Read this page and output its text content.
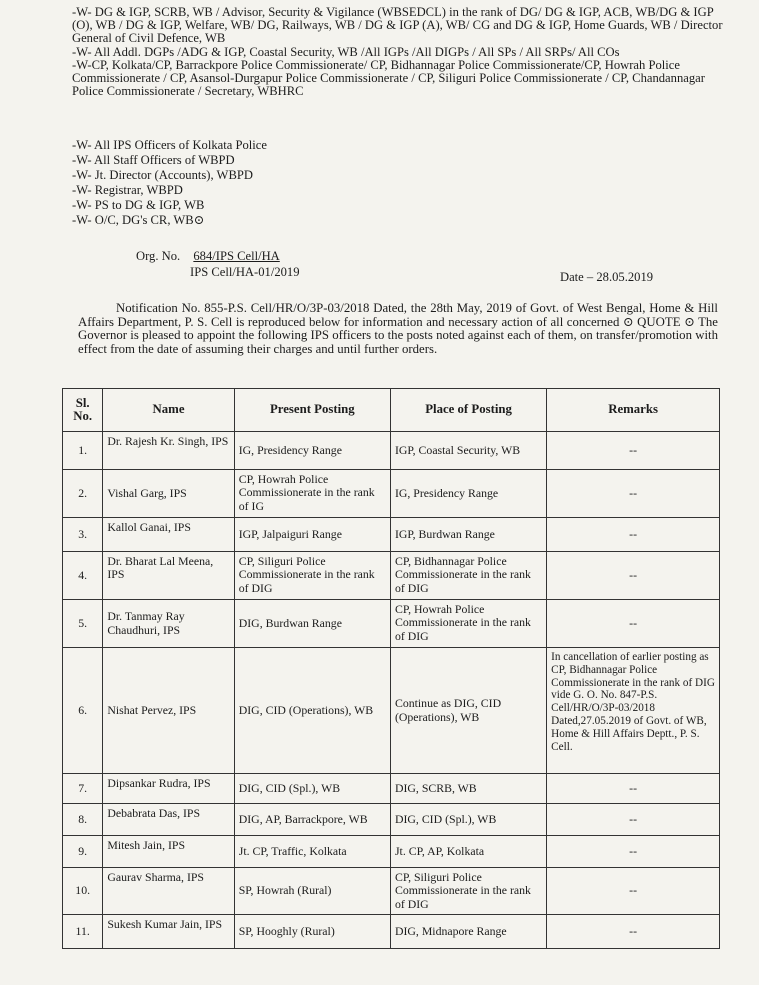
-W- DG & IGP, SCRB, WB / Advisor, Security & Vigilance (WBSEDCL) in the rank of DG/ DG & IGP, ACB, WB/DG & IGP (O), WB / DG & IGP, Welfare, WB/ DG, Railways, WB / DG & IGP (A), WB/ CG and DG & IGP, Home Guards, WB / Director General of Civil Defence, WB

-W- All Addl. DGPs /ADG & IGP, Coastal Security, WB /All IGPs /All DIGPs / All SPs / All SRPs/ All COs

-W-CP, Kolkata/CP, Barrackpore Police Commissionerate/ CP, Bidhannagar Police Commissionerate/CP, Howrah Police Commissionerate / CP, Asansol-Durgapur Police Commissionerate / CP, Siliguri Police Commissionerate / CP, Chandannagar Police Commissionerate / Secretary, WBHRC

-W- All IPS Officers of Kolkata Police

-W- All Staff Officers of WBPD

-W- Jt. Director (Accounts), WBPD

-W- Registrar, WBPD

-W- PS to DG & IGP, WB

-W- O/C, DG's CR, WB⊙

Org. No. 684/IPS Cell/HA
IPS Cell/HA-01/2019	Date – 28.05.2019

Notification No. 855-P.S. Cell/HR/O/3P-03/2018 Dated, the 28th May, 2019 of Govt. of West Bengal, Home & Hill Affairs Department, P. S. Cell is reproduced below for information and necessary action of all concerned ⊙ QUOTE ⊙ The Governor is pleased to appoint the following IPS officers to the posts noted against each of them, on transfer/promotion with effect from the date of assuming their charges and until further orders.

Sl. No.	Name	Present Posting	Place of Posting	Remarks
1.	Dr. Rajesh Kr. Singh, IPS	IG, Presidency Range	IGP, Coastal Security, WB	--
2.	Vishal Garg, IPS	CP, Howrah Police Commissionerate in the rank of IG	IG, Presidency Range	--
3.	Kallol Ganai, IPS	IGP, Jalpaiguri Range	IGP, Burdwan Range	--
4.	Dr. Bharat Lal Meena, IPS	CP, Siliguri Police Commissionerate in the rank of DIG	CP, Bidhannagar Police Commissionerate in the rank of DIG	--
5.	Dr. Tanmay Ray Chaudhuri, IPS	DIG, Burdwan Range	CP, Howrah Police Commissionerate in the rank of DIG	--
6.	Nishat Pervez, IPS	DIG, CID (Operations), WB	Continue as DIG, CID (Operations), WB	In cancellation of earlier posting as CP, Bidhannagar Police Commissionerate in the rank of DIG vide G. O. No. 847-P.S. Cell/HR/O/3P-03/2018 Dated,27.05.2019 of Govt. of WB, Home & Hill Affairs Deptt., P. S. Cell.
7.	Dipsankar Rudra, IPS	DIG, CID (Spl.), WB	DIG, SCRB, WB	--
8.	Debabrata Das, IPS	DIG, AP, Barrackpore, WB	DIG, CID (Spl.), WB	--
9.	Mitesh Jain, IPS	Jt. CP, Traffic, Kolkata	Jt. CP, AP, Kolkata	--
10.	Gaurav Sharma, IPS	SP, Howrah (Rural)	CP, Siliguri Police Commissionerate in the rank of DIG	--
11.	Sukesh Kumar Jain, IPS	SP, Hooghly (Rural)	DIG, Midnapore Range	--
